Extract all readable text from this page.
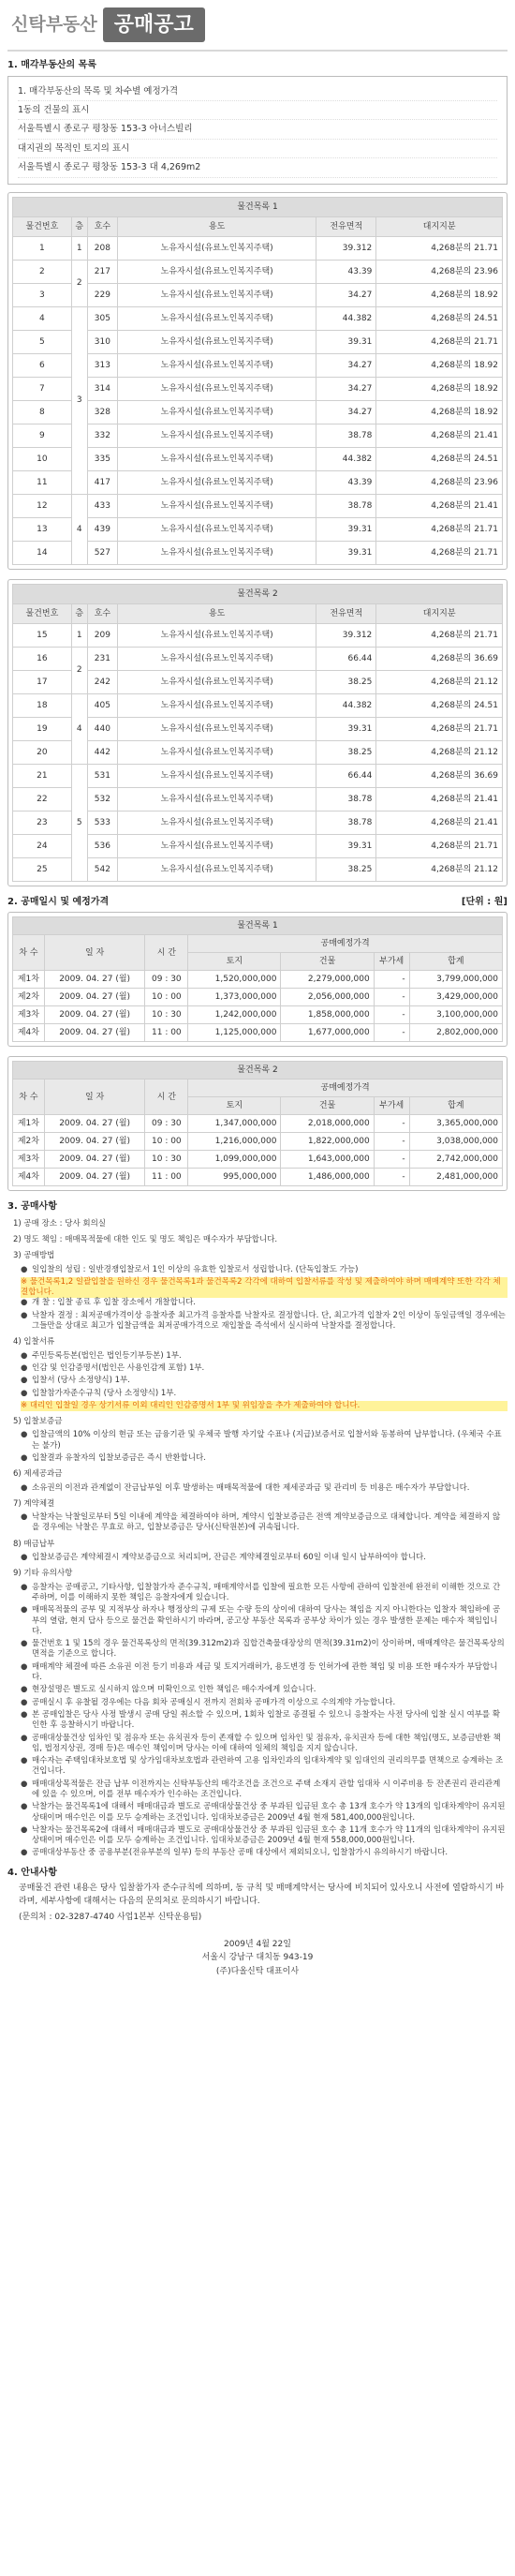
신탁부동산 공매공고
1. 매각부동산의 목록

1. 매각부동산의 목록 및 차수별 예정가격

1동의 건물의 표시

서울특별시 종로구 평창동 153-3 아너스빌리

대지권의 목적인 토지의 표시

서울특별시 종로구 평창동 153-3 대 4,269m2

물건목록 1					
물건번호	층	호수	용도	전유면적	대지지분
1	1	208	노유자시설(유료노인복지주택)	39.312	4,268분의 21.71
2	2	217	노유자시설(유료노인복지주택)	43.39	4,268분의 23.96
3		229	노유자시설(유료노인복지주택)	34.27	4,268분의 18.92
4	3	305	노유자시설(유료노인복지주택)	44.382	4,268분의 24.51
5		310	노유자시설(유료노인복지주택)	39.31	4,268분의 21.71
6		313	노유자시설(유료노인복지주택)	34.27	4,268분의 18.92
7		314	노유자시설(유료노인복지주택)	34.27	4,268분의 18.92
8		328	노유자시설(유료노인복지주택)	34.27	4,268분의 18.92
9		332	노유자시설(유료노인복지주택)	38.78	4,268분의 21.41
10		335	노유자시설(유료노인복지주택)	44.382	4,268분의 24.51
11		417	노유자시설(유료노인복지주택)	43.39	4,268분의 23.96
12	4	433	노유자시설(유료노인복지주택)	38.78	4,268분의 21.41
13		439	노유자시설(유료노인복지주택)	39.31	4,268분의 21.71
14		527	노유자시설(유료노인복지주택)	39.31	4,268분의 21.71
물건목록 2					
물건번호	층	호수	용도	전유면적	대지지분
15	1	209	노유자시설(유료노인복지주택)	39.312	4,268분의 21.71
16	2	231	노유자시설(유료노인복지주택)	66.44	4,268분의 36.69
17		242	노유자시설(유료노인복지주택)	38.25	4,268분의 21.12
18	4	405	노유자시설(유료노인복지주택)	44.382	4,268분의 24.51
19		440	노유자시설(유료노인복지주택)	39.31	4,268분의 21.71
20		442	노유자시설(유료노인복지주택)	38.25	4,268분의 21.12
21	5	531	노유자시설(유료노인복지주택)	66.44	4,268분의 36.69
22		532	노유자시설(유료노인복지주택)	38.78	4,268분의 21.41
23		533	노유자시설(유료노인복지주택)	38.78	4,268분의 21.41
24		536	노유자시설(유료노인복지주택)	39.31	4,268분의 21.71
25		542	노유자시설(유료노인복지주택)	38.25	4,268분의 21.12
2. 공매일시 및 예정가격	[단위 : 원]
물건목록 1						
차 수	일 자	시 간	공매예정가격			
			토지	건물	부가세	합계
제1차	2009. 04. 27 (월)	09 : 30	1,520,000,000	2,279,000,000	-	3,799,000,000
제2차	2009. 04. 27 (월)	10 : 00	1,373,000,000	2,056,000,000	-	3,429,000,000
제3차	2009. 04. 27 (월)	10 : 30	1,242,000,000	1,858,000,000	-	3,100,000,000
제4차	2009. 04. 27 (월)	11 : 00	1,125,000,000	1,677,000,000	-	2,802,000,000
물건목록 2						
차 수	일 자	시 간	공매예정가격			
			토지	건물	부가세	합계
제1차	2009. 04. 27 (월)	09 : 30	1,347,000,000	2,018,000,000	-	3,365,000,000
제2차	2009. 04. 27 (월)	10 : 00	1,216,000,000	1,822,000,000	-	3,038,000,000
제3차	2009. 04. 27 (월)	10 : 30	1,099,000,000	1,643,000,000	-	2,742,000,000
제4차	2009. 04. 27 (월)	11 : 00	995,000,000	1,486,000,000	-	2,481,000,000
3. 공매사항
1) 공매 장소 : 당사 회의실
2) 명도 책임 : 매매목적물에 대한 인도 및 명도 책임은 매수자가 부담합니다.
3) 공매방법
● 일입찰의 성립 : 일반경쟁입찰로서 1인 이상의 유효한 입찰로서 성립합니다. (단독입찰도 가능)
※ 물건목록1,2 일괄입찰을 원하신 경우 물건목록1과 물건목록2 각각에 대하여 입찰서류를 작성 및 제출하여야 하며 매매계약 또한 각각 체결합니다.
● 개 찰 : 입찰 종료 후 입찰 장소에서 개찰합니다.
● 낙찰자 결정 : 최저공매가격이상 응찰자중 최고가격 응찰자를 낙찰자로 결정합니다. 단, 최고가격 입찰자 2인 이상이 동일금액일 경우에는 그들만을 상대로 최고가 입찰금액을 최저공매가격으로 재입찰을 즉석에서 실시하여 낙찰자를 결정합니다.
4) 입찰서류
● 주민등록등본(법인은 법인등기부등본) 1부.
● 인감 및 인감증명서(법인은 사용인감계 포함) 1부.
● 입찰서 (당사 소정양식) 1부.
● 입찰참가자준수규칙 (당사 소정양식) 1부.
※ 대리인 입찰일 경우 상기서류 이외 대리인 인감증명서 1부 및 위임장을 추가 제출하여야 합니다.
5) 입찰보증금
● 입찰금액의 10% 이상의 현금 또는 금융기관 및 우체국 발행 자기앞 수표나 (지급)보증서로 입찰서와 동봉하여 납부합니다. (우체국 수표는 불가)
● 입찰결과 유찰자의 입찰보증금은 즉시 반환합니다.
6) 제세공과금
● 소유권의 이전과 관계없이 잔금납부일 이후 발생하는 매매목적물에 대한 제세공과금 및 관리비 등 비용은 매수자가 부담합니다.
7) 계약체결
● 낙찰자는 낙찰일로부터 5일 이내에 계약을 체결하여야 하며, 계약시 입찰보증금은 전액 계약보증금으로 대체합니다. 계약을 체결하지 않을 경우에는 낙찰은 무효로 하고, 입찰보증금은 당사(신탁원본)에 귀속됩니다.
8) 매금납부
● 입찰보증금은 계약체결시 계약보증금으로 처리되며, 잔금은 계약체결일로부터 60일 이내 일시 납부하여야 합니다.
9) 기타 유의사항
● 응찰자는 공매공고, 기타사항, 입찰참가자 준수규칙, 매매계약서를 입찰에 필요한 모든 사항에 관하여 입찰전에 완전히 이해한 것으로 간주하며, 이를 이해하지 못한 책임은 응찰자에게 있습니다.
● 매매목적물의 공부 및 지적부상 하자나 행정상의 규제 또는 수량 등의 상이에 대하여 당사는 책임을 지지 아니한다는 입찰자 책임하에 공부의 열람, 현지 답사 등으로 물건을 확인하시기 바라며, 공고상 부동산 목록과 공부상 차이가 있는 경우 발생한 문제는 매수자 책임입니다.
● 물건번호 1 및 15의 경우 물건목록상의 면적(39.312m2)과 집합건축물대장상의 면적(39.31m2)이 상이하며, 매매계약은 물건목록상의 면적을 기준으로 합니다.
● 매매계약 체결에 따른 소유권 이전 등기 비용과 세금 및 토지거래허가, 용도변경 등 인허가에 관한 책임 및 비용 또한 매수자가 부담합니다.
● 현장설명은 별도로 실시하지 않으며 미확인으로 인한 책임은 매수자에게 있습니다.
● 공매실시 후 유찰될 경우에는 다음 회차 공매실시 전까지 전회차 공매가격 이상으로 수의계약 가능합니다.
● 본 공매입찰은 당사 사정 발생시 공매 당일 취소할 수 있으며, 1회차 입찰로 종결될 수 있으니 응찰자는 사전 당사에 입찰 실시 여부를 확인한 후 응찰하시기 바랍니다.
● 공매대상물건상 임차인 및 점유자 또는 유치권자 등이 존재할 수 있으며 임차인 및 점유자, 유치권자 등에 대한 책임(명도, 보증금반환 책임, 법정지상권, 경매 등)은 매수인 책임이며 당사는 이에 대하여 일체의 책임을 지지 않습니다.
● 매수자는 주택임대차보호법 및 상가임대차보호법과 관련하여 고용 임차인과의 임대차계약 및 임대인의 권리의무를 면책으로 승계하는 조건입니다.
● 매매대상목적물은 잔금 납부 이전까지는 신탁부동산의 매각조건을 조건으로 주택 소재지 관할 임대차 시 이주비용 등 잔존권리 관리관계에 있을 수 있으며, 이를 전부 매수자가 인수하는 조건입니다.
● 낙찰가는 물건목록1에 대해서 매매대금과 별도로 공매대상물건상 중 부과된 입금된 호수 총 13개 호수가 약 13개의 임대차계약이 유지된 상태이며 매수인은 이를 모두 승계하는 조건입니다. 임대차보증금은 2009년 4월 현재 581,400,000원입니다.
● 낙찰자는 물건목록2에 대해서 매매대금과 별도로 공매대상물건상 중 부과된 입금된 호수 총 11개 호수가 약 11개의 임대차계약이 유지된 상태이며 매수인은 이를 모두 승계하는 조건입니다. 임대차보증금은 2009년 4월 현재 558,000,000원입니다.
● 공매대상부동산 중 공용부분(전유부분의 일부) 등의 부동산 공매 대상에서 제외되오니, 입찰참가시 유의하시기 바랍니다.
4. 안내사항
공매물건 관련 내용은 당사 입찰참가자 준수규칙에 의하며, 동 규칙 및 매매계약서는 당사에 비치되어 있사오니 사전에 열람하시기 바라며, 세부사항에 대해서는 다음의 문의처로 문의하시기 바랍니다.
(문의처 : 02-3287-4740 사업1본부 신탁운용팀)
2009년 4월 22일
서울시 강남구 대치동 943-19
(주)다올신탁 대표이사
